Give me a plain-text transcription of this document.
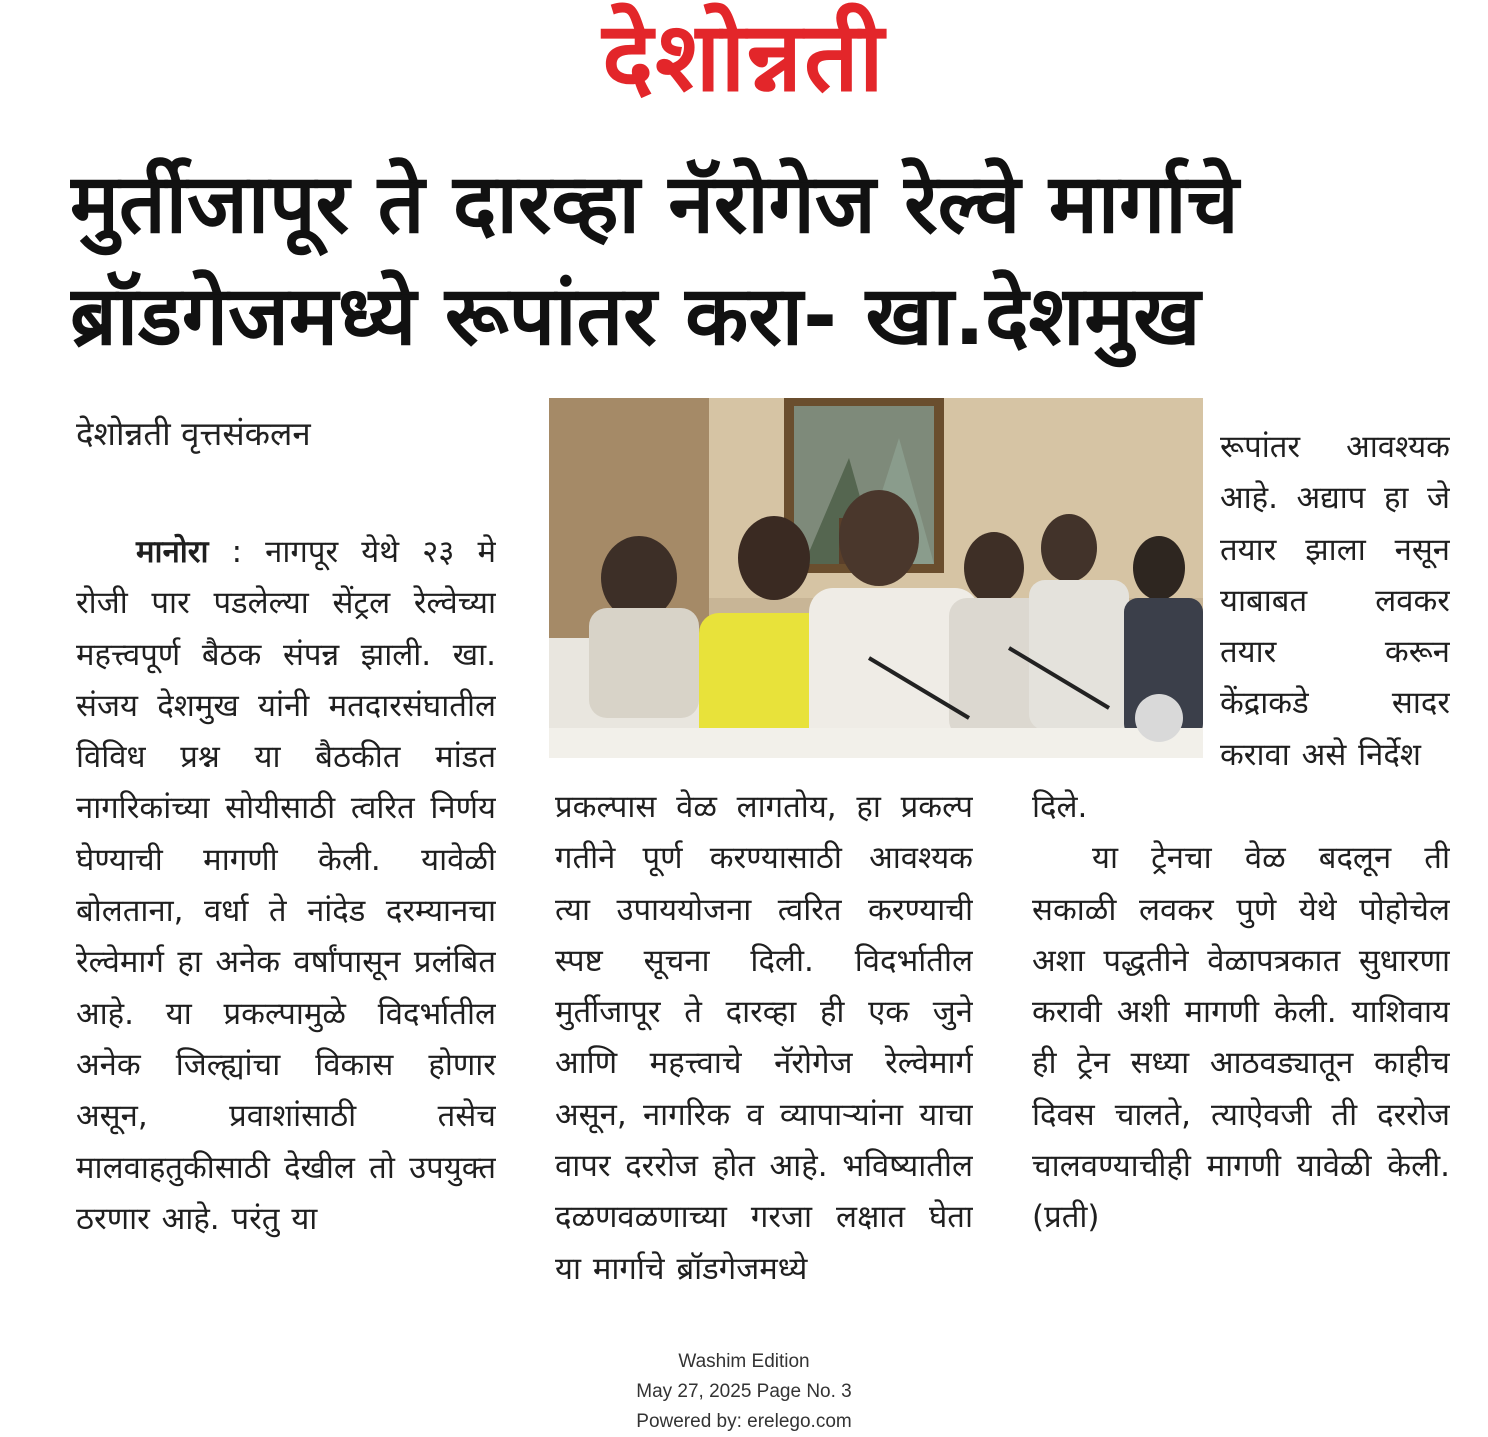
देशोन्नती
मुर्तीजापूर ते दारव्हा नॅरोगेज रेल्वे मार्गाचे
ब्रॉडगेजमध्ये रूपांतर करा- खा.देशमुख
देशोन्नती वृत्तसंकलन

मानोरा : नागपूर येथे २३ मे रोजी पार पडलेल्या सेंट्रल रेल्वेच्या महत्त्वपूर्ण बैठक संपन्न झाली. खा. संजय देशमुख यांनी मतदारसंघातील विविध प्रश्न या बैठकीत मांडत नागरिकांच्या सोयीसाठी त्वरित निर्णय घेण्याची मागणी केली. यावेळी बोलताना, वर्धा ते नांदेड दरम्यानचा रेल्वेमार्ग हा अनेक वर्षांपासून प्रलंबित आहे. या प्रकल्पामुळे विदर्भातील अनेक जिल्ह्यांचा विकास होणार असून, प्रवाशांसाठी तसेच मालवाहतुकीसाठी देखील तो उपयुक्त ठरणार आहे. परंतु या

रूपांतर आवश्यक आहे. अद्याप हा जे तयार झाला नसून याबाबत लवकर तयार करून केंद्राकडे सादर करावा असे निर्देश

प्रकल्पास वेळ लागतोय, हा प्रकल्प गतीने पूर्ण करण्यासाठी आवश्यक त्या उपाययोजना त्वरित करण्याची स्पष्ट सूचना दिली. विदर्भातील मुर्तीजापूर ते दारव्हा ही एक जुने आणि महत्त्वाचे नॅरोगेज रेल्वेमार्ग असून, नागरिक व व्यापाऱ्यांना याचा वापर दररोज होत आहे. भविष्यातील दळणवळणाच्या गरजा लक्षात घेता या मार्गाचे ब्रॉडगेजमध्ये

दिले.

या ट्रेनचा वेळ बदलून ती सकाळी लवकर पुणे येथे पोहोचेल अशा पद्धतीने वेळापत्रकात सुधारणा करावी अशी मागणी केली. याशिवाय ही ट्रेन सध्या आठवड्यातून काहीच दिवस चालते, त्याऐवजी ती दररोज चालवण्याचीही मागणी यावेळी केली. (प्रती)

Washim Edition
May 27, 2025 Page No. 3
Powered by: erelego.com
